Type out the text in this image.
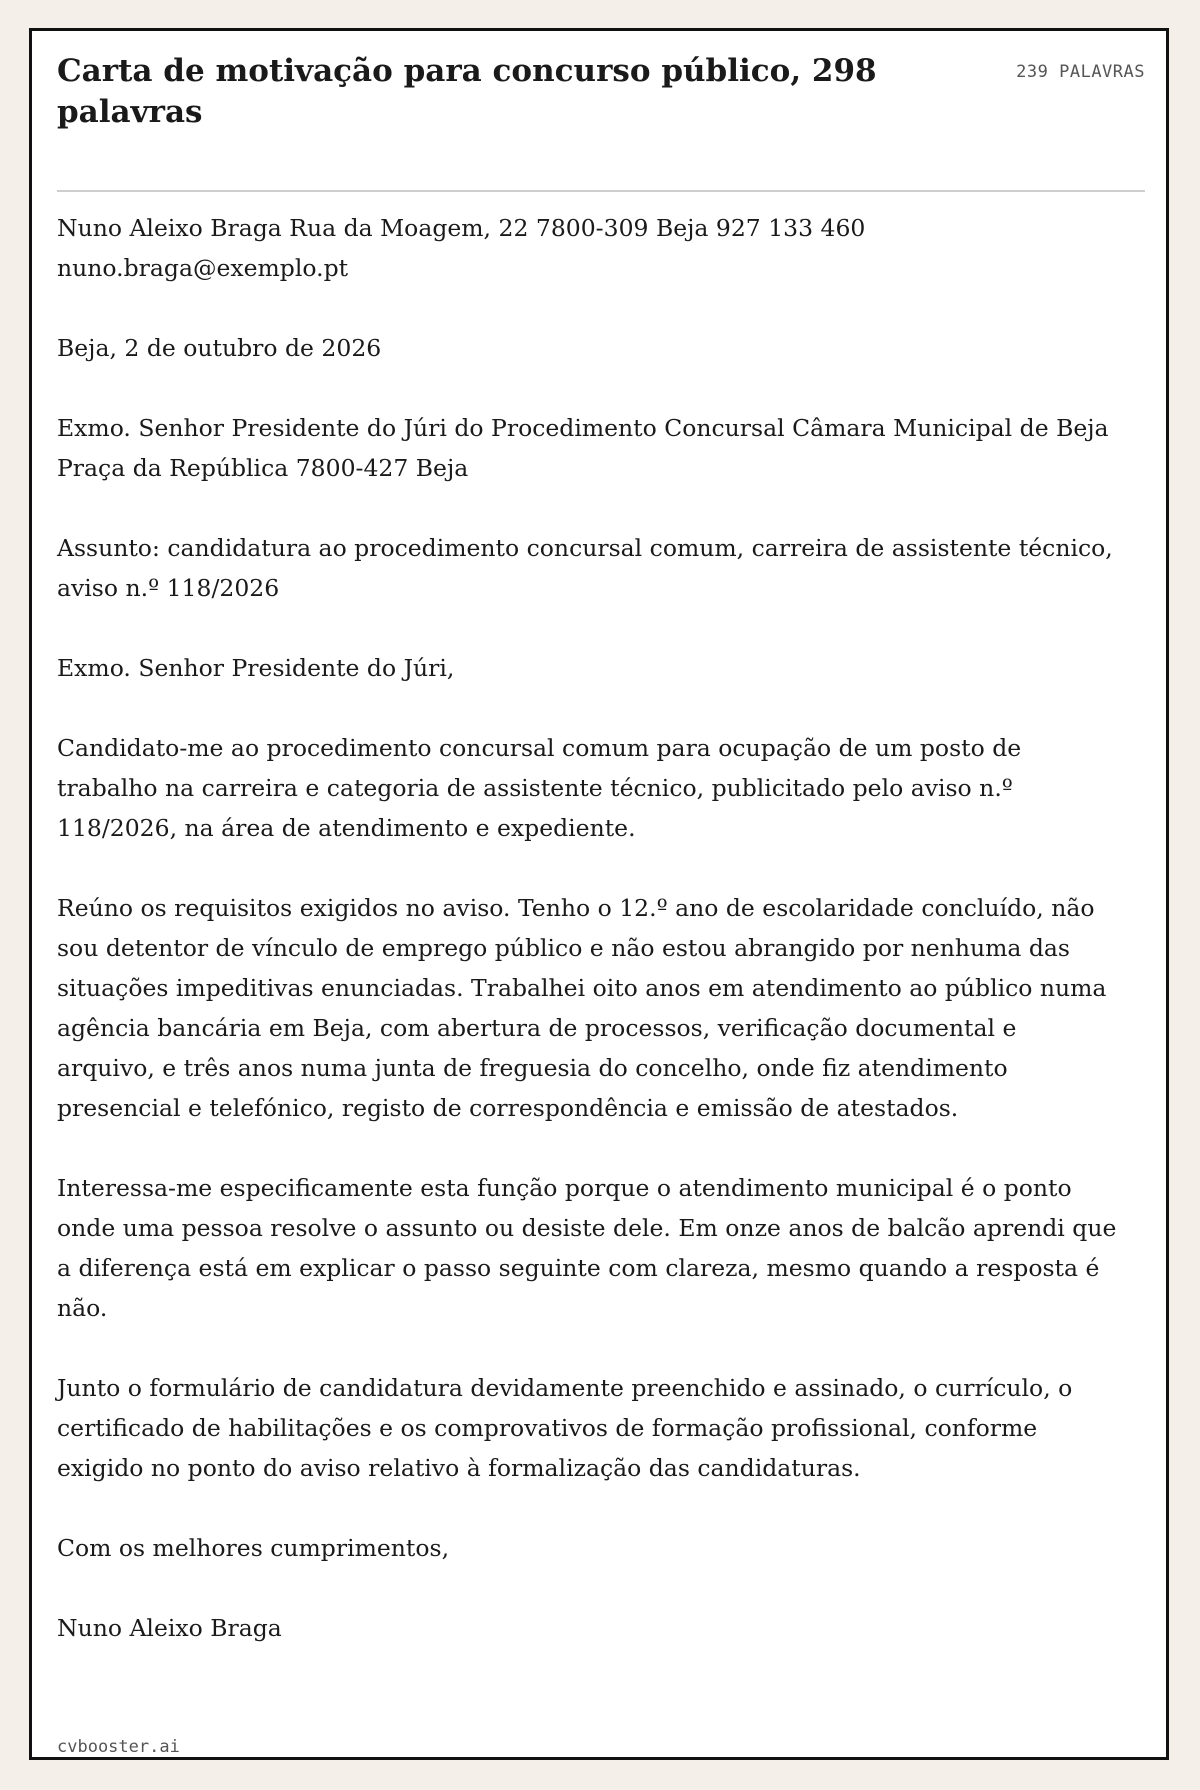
Carta de motivação para concurso público, 298 palavras
239 PALAVRAS

Nuno Aleixo Braga Rua da Moagem, 22 7800-309 Beja 927 133 460 nuno.braga@exemplo.pt

Beja, 2 de outubro de 2026

Exmo. Senhor Presidente do Júri do Procedimento Concursal Câmara Municipal de Beja Praça da República 7800-427 Beja

Assunto: candidatura ao procedimento concursal comum, carreira de assistente técnico, aviso n.º 118/2026

Exmo. Senhor Presidente do Júri,

Candidato-me ao procedimento concursal comum para ocupação de um posto de trabalho na carreira e categoria de assistente técnico, publicitado pelo aviso n.º 118/2026, na área de atendimento e expediente.

Reúno os requisitos exigidos no aviso. Tenho o 12.º ano de escolaridade concluído, não sou detentor de vínculo de emprego público e não estou abrangido por nenhuma das situações impeditivas enunciadas. Trabalhei oito anos em atendimento ao público numa agência bancária em Beja, com abertura de processos, verificação documental e arquivo, e três anos numa junta de freguesia do concelho, onde fiz atendimento presencial e telefónico, registo de correspondência e emissão de atestados.

Interessa-me especificamente esta função porque o atendimento municipal é o ponto onde uma pessoa resolve o assunto ou desiste dele. Em onze anos de balcão aprendi que a diferença está em explicar o passo seguinte com clareza, mesmo quando a resposta é não.

Junto o formulário de candidatura devidamente preenchido e assinado, o currículo, o certificado de habilitações e os comprovativos de formação profissional, conforme exigido no ponto do aviso relativo à formalização das candidaturas.

Com os melhores cumprimentos,

Nuno Aleixo Braga

cvbooster.ai
